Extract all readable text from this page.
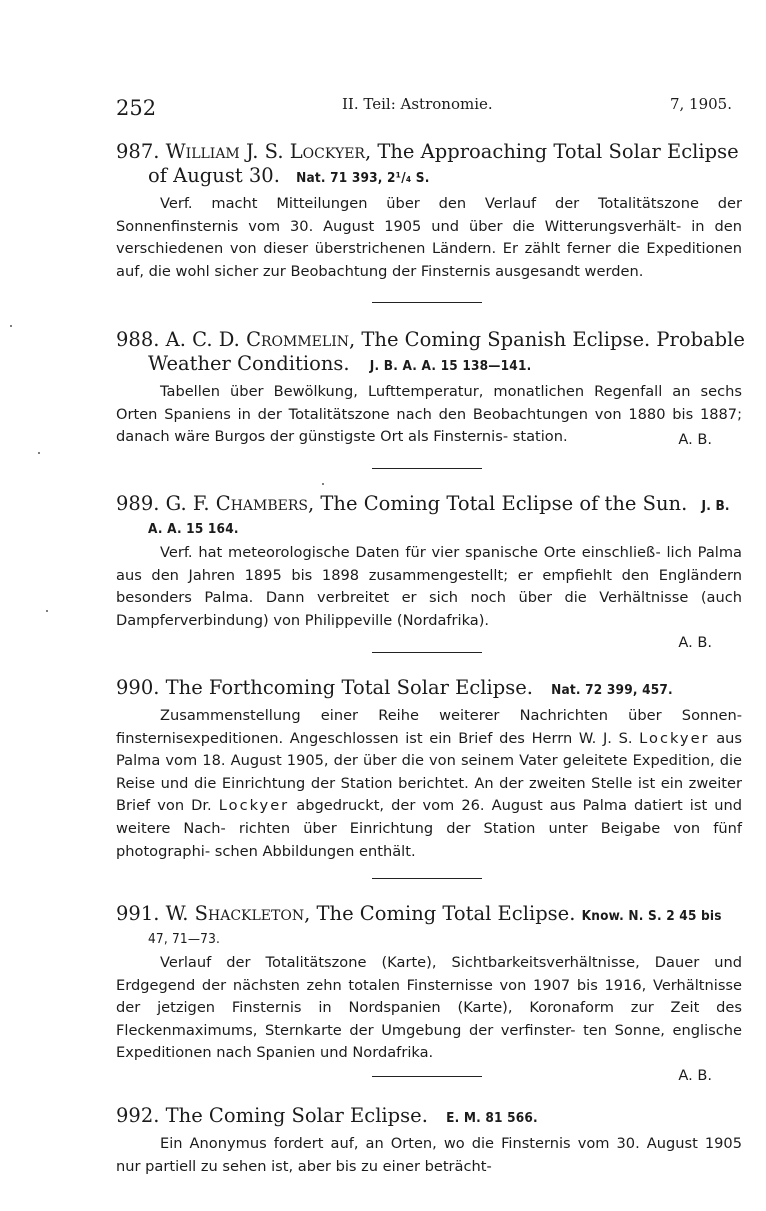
252	II. Teil: Astronomie.	7, 1905.
987. William J. S. Lockyer, The Approaching Total Solar Eclipse
of August 30. Nat. 71 393, 2¹/₄ S.
Verf. macht Mitteilungen über den Verlauf der Totalitätszone der Sonnenfinsternis vom 30. August 1905 und über die Witterungsverhält- in den verschiedenen von dieser überstrichenen Ländern. Er zählt ferner die Expeditionen auf, die wohl sicher zur Beobachtung der Finsternis ausgesandt werden.
988. A. C. D. Crommelin, The Coming Spanish Eclipse. Probable
Weather Conditions. J. B. A. A. 15 138—141.
Tabellen über Bewölkung, Lufttemperatur, monatlichen Regenfall an sechs Orten Spaniens in der Totalitätszone nach den Beobachtungen von 1880 bis 1887; danach wäre Burgos der günstigste Ort als Finsternis- station.	A. B.
989. G. F. Chambers, The Coming Total Eclipse of the Sun. J. B.
A. A. 15 164.
Verf. hat meteorologische Daten für vier spanische Orte einschließ- lich Palma aus den Jahren 1895 bis 1898 zusammengestellt; er empfiehlt den Engländern besonders Palma. Dann verbreitet er sich noch über die Verhältnisse (auch Dampferverbindung) von Philippeville (Nordafrika).
A. B.
990. The Forthcoming Total Solar Eclipse. Nat. 72 399, 457.
Zusammenstellung einer Reihe weiterer Nachrichten über Sonnen- finsternisexpeditionen. Angeschlossen ist ein Brief des Herrn W. J. S. Lockyer aus Palma vom 18. August 1905, der über die von seinem Vater geleitete Expedition, die Reise und die Einrichtung der Station berichtet. An der zweiten Stelle ist ein zweiter Brief von Dr. Lockyer abgedruckt, der vom 26. August aus Palma datiert ist und weitere Nach- richten über Einrichtung der Station unter Beigabe von fünf photographi- schen Abbildungen enthält.
991. W. Shackleton, The Coming Total Eclipse. Know. N. S. 2 45 bis
47, 71—73.
Verlauf der Totalitätszone (Karte), Sichtbarkeitsverhältnisse, Dauer und Erdgegend der nächsten zehn totalen Finsternisse von 1907 bis 1916, Verhältnisse der jetzigen Finsternis in Nordspanien (Karte), Koronaform zur Zeit des Fleckenmaximums, Sternkarte der Umgebung der verfinster- ten Sonne, englische Expeditionen nach Spanien und Nordafrika.
A. B.
992. The Coming Solar Eclipse. E. M. 81 566.
Ein Anonymus fordert auf, an Orten, wo die Finsternis vom 30. August 1905 nur partiell zu sehen ist, aber bis zu einer beträcht-
